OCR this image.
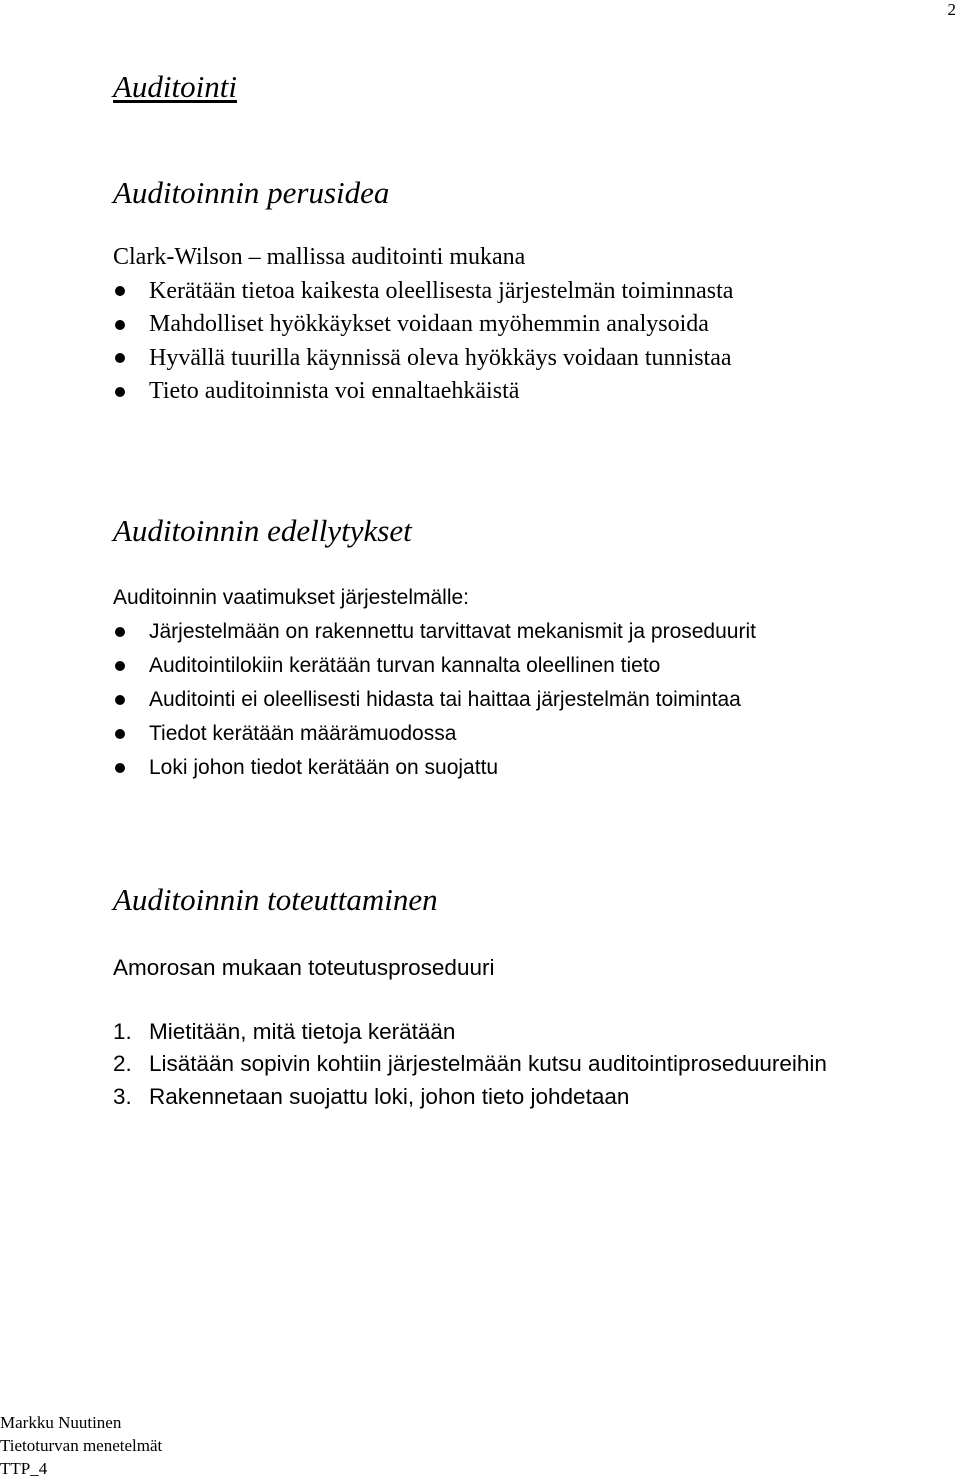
2
Auditointi
Auditoinnin perusidea

Clark-Wilson – mallissa auditointi mukana

Kerätään tietoa kaikesta oleellisesta järjestelmän toiminnasta
Mahdolliset hyökkäykset voidaan myöhemmin analysoida
Hyvällä tuurilla käynnissä oleva hyökkäys voidaan tunnistaa
Tieto auditoinnista voi ennaltaehkäistä
Auditoinnin edellytykset

Auditoinnin vaatimukset järjestelmälle:

Järjestelmään on rakennettu tarvittavat mekanismit ja proseduurit
Auditointilokiin kerätään turvan kannalta oleellinen tieto
Auditointi ei oleellisesti hidasta tai haittaa järjestelmän toimintaa
Tiedot kerätään määrämuodossa
Loki johon tiedot kerätään on suojattu
Auditoinnin toteuttaminen

Amorosan mukaan toteutusproseduuri

1. Mietitään, mitä tietoja kerätään
2. Lisätään sopivin kohtiin järjestelmään kutsu auditointiproseduureihin
3. Rakennetaan suojattu loki, johon tieto johdetaan
Markku Nuutinen
Tietoturvan menetelmät
TTP_4
